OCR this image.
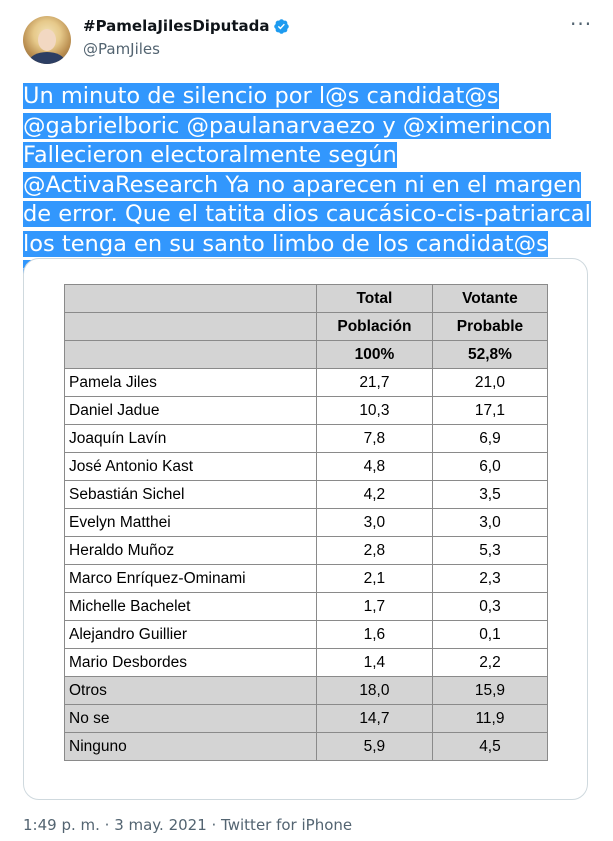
#PamelaJilesDiputada
@PamJiles
···
Un minuto de silencio por l@s candidat@s @gabrielboric @paulanarvaezo y @ximerincon Fallecieron electoralmente según @ActivaResearch Ya no aparecen ni en el margen de error. Que el tatita dios caucásico-cis-patriarcal los tenga en su santo limbo de los candidat@s
	Total	Votante
	Población	Probable
	100%	52,8%
Pamela Jiles	21,7	21,0
Daniel Jadue	10,3	17,1
Joaquín Lavín	7,8	6,9
José Antonio Kast	4,8	6,0
Sebastián Sichel	4,2	3,5
Evelyn Matthei	3,0	3,0
Heraldo Muñoz	2,8	5,3
Marco Enríquez-Ominami	2,1	2,3
Michelle Bachelet	1,7	0,3
Alejandro Guillier	1,6	0,1
Mario Desbordes	1,4	2,2
Otros	18,0	15,9
No se	14,7	11,9
Ninguno	5,9	4,5
1:49 p. m. · 3 may. 2021 · Twitter for iPhone
